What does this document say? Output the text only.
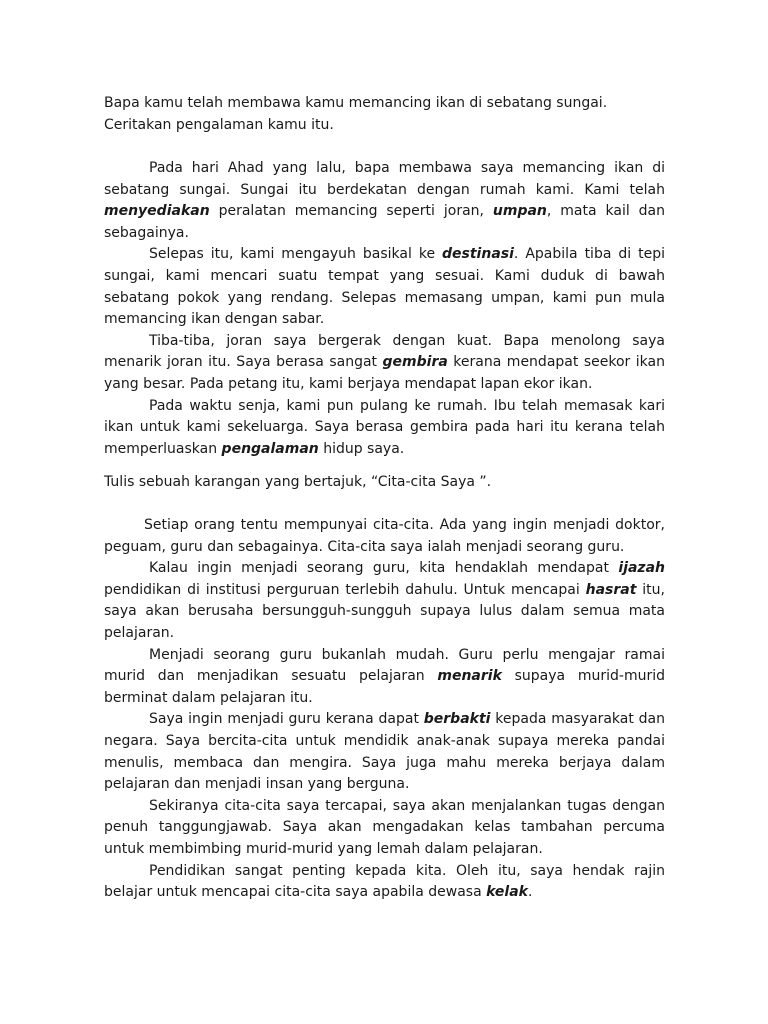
Bapa kamu telah membawa kamu memancing ikan di sebatang sungai.

Ceritakan pengalaman kamu itu.

Pada hari Ahad yang lalu, bapa membawa saya memancing ikan di sebatang sungai. Sungai itu berdekatan dengan rumah kami. Kami telah menyediakan peralatan memancing seperti joran, umpan, mata kail dan sebagainya.

Selepas itu, kami mengayuh basikal ke destinasi. Apabila tiba di tepi sungai, kami mencari suatu tempat yang sesuai. Kami duduk di bawah sebatang pokok yang rendang. Selepas memasang umpan, kami pun mula memancing ikan dengan sabar.

Tiba-tiba, joran saya bergerak dengan kuat. Bapa menolong saya menarik joran itu. Saya berasa sangat gembira kerana mendapat seekor ikan yang besar. Pada petang itu, kami berjaya mendapat lapan ekor ikan.

Pada waktu senja, kami pun pulang ke rumah. Ibu telah memasak kari ikan untuk kami sekeluarga. Saya berasa gembira pada hari itu kerana telah memperluaskan pengalaman hidup saya.

Tulis sebuah karangan yang bertajuk, “Cita-cita Saya ”.

Setiap orang tentu mempunyai cita-cita. Ada yang ingin menjadi doktor, peguam, guru dan sebagainya. Cita-cita saya ialah menjadi seorang guru.

Kalau ingin menjadi seorang guru, kita hendaklah mendapat ijazah pendidikan di institusi perguruan terlebih dahulu. Untuk mencapai hasrat itu, saya akan berusaha bersungguh-sungguh supaya lulus dalam semua mata pelajaran.

Menjadi seorang guru bukanlah mudah. Guru perlu mengajar ramai murid dan menjadikan sesuatu pelajaran menarik supaya murid-murid berminat dalam pelajaran itu.

Saya ingin menjadi guru kerana dapat berbakti kepada masyarakat dan negara. Saya bercita-cita untuk mendidik anak-anak supaya mereka pandai menulis, membaca dan mengira. Saya juga mahu mereka berjaya dalam pelajaran dan menjadi insan yang berguna.

Sekiranya cita-cita saya tercapai, saya akan menjalankan tugas dengan penuh tanggungjawab. Saya akan mengadakan kelas tambahan percuma untuk membimbing murid-murid yang lemah dalam pelajaran.

Pendidikan sangat penting kepada kita. Oleh itu, saya hendak rajin belajar untuk mencapai cita-cita saya apabila dewasa kelak.
